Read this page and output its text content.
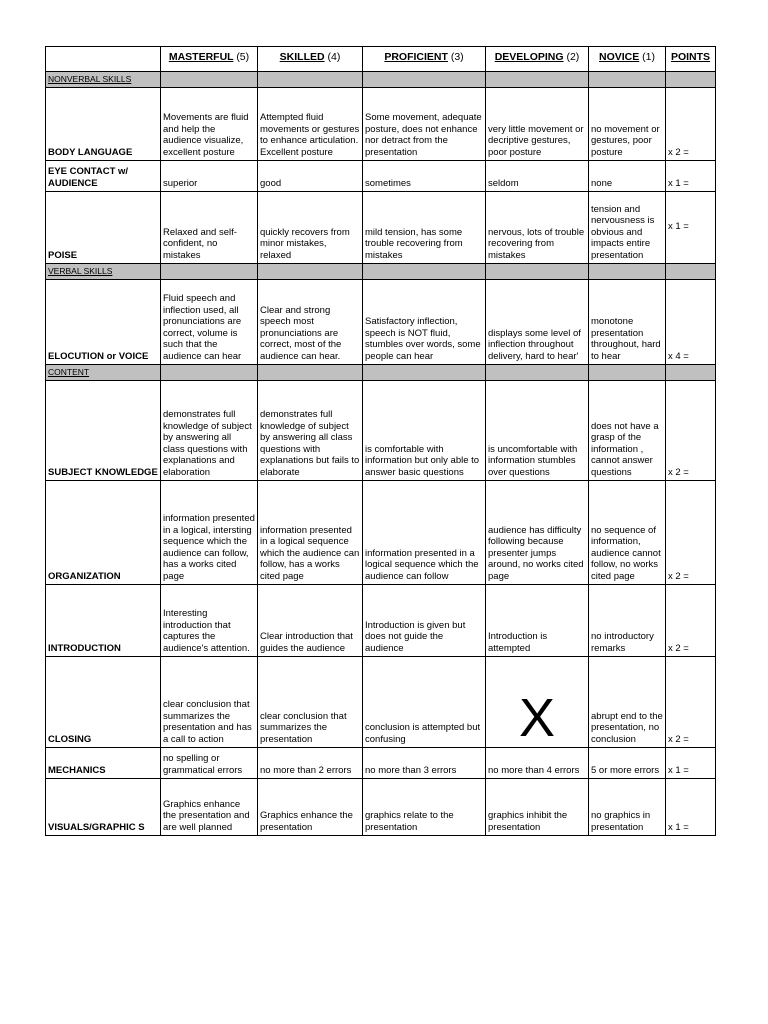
	MASTERFUL (5)	SKILLED (4)	PROFICIENT (3)	DEVELOPING (2)	NOVICE (1)	POINTS
NONVERBAL SKILLS						
BODY LANGUAGE	Movements are fluid and help the audience visualize, excellent posture	Attempted fluid movements or gestures to enhance articulation. Excellent posture	Some movement, adequate posture, does not enhance nor detract from the presentation	very little movement or decriptive gestures, poor posture	no movement or gestures, poor posture	x 2 =
EYE CONTACT w/ AUDIENCE	superior	good	sometimes	seldom	none	x 1 =
POISE	Relaxed and self-confident, no mistakes	quickly recovers from minor mistakes, relaxed	mild tension, has some trouble recovering from mistakes	nervous, lots of trouble recovering from mistakes	tension and nervousness is obvious and impacts entire presentation	x 1 =
VERBAL SKILLS						
ELOCUTION or VOICE	Fluid speech and inflection used, all pronunciations are correct, volume is such that the audience can hear	Clear and strong speech most pronunciations are correct, most of the audience can hear.	Satisfactory inflection, speech is NOT fluid, stumbles over words, some people can hear	displays some level of inflection throughout delivery, hard to hear'	monotone presentation throughout, hard to hear	x 4 =
CONTENT						
SUBJECT KNOWLEDGE	demonstrates full knowledge of subject by answering all class questions with explanations and elaboration	demonstrates full knowledge of subject by answering all class questions with explanations but fails to elaborate	is comfortable with information but only able to answer basic questions	is uncomfortable with information stumbles over questions	does not have a grasp of the information , cannot answer questions	x 2 =
ORGANIZATION	information presented in a logical, intersting sequence which the audience can follow, has a works cited page	information presented in a logical sequence which the audience can follow, has a works cited page	information presented in a logical sequence which the audience can follow	audience has difficulty following because presenter jumps around, no works cited page	no sequence of information, audience cannot follow, no works cited page	x 2 =
INTRODUCTION	Interesting introduction that captures the audience's attention.	Clear introduction that guides the audience	Introduction is given but does not guide the audience	Introduction is attempted	no introductory remarks	x 2 =
CLOSING	clear conclusion that summarizes the presentation and has a call to action	clear conclusion that summarizes the presentation	conclusion is attempted but confusing	X	abrupt end to the presentation, no conclusion	x 2 =
MECHANICS	no spelling or grammatical errors	no more than 2 errors	no more than 3 errors	no more than 4 errors	5 or more errors	x 1 =
VISUALS/GRAPHIC S	Graphics enhance the presentation and are well planned	Graphics enhance the presentation	graphics relate to the presentation	graphics inhibit the presentation	no graphics in presentation	x 1 =
